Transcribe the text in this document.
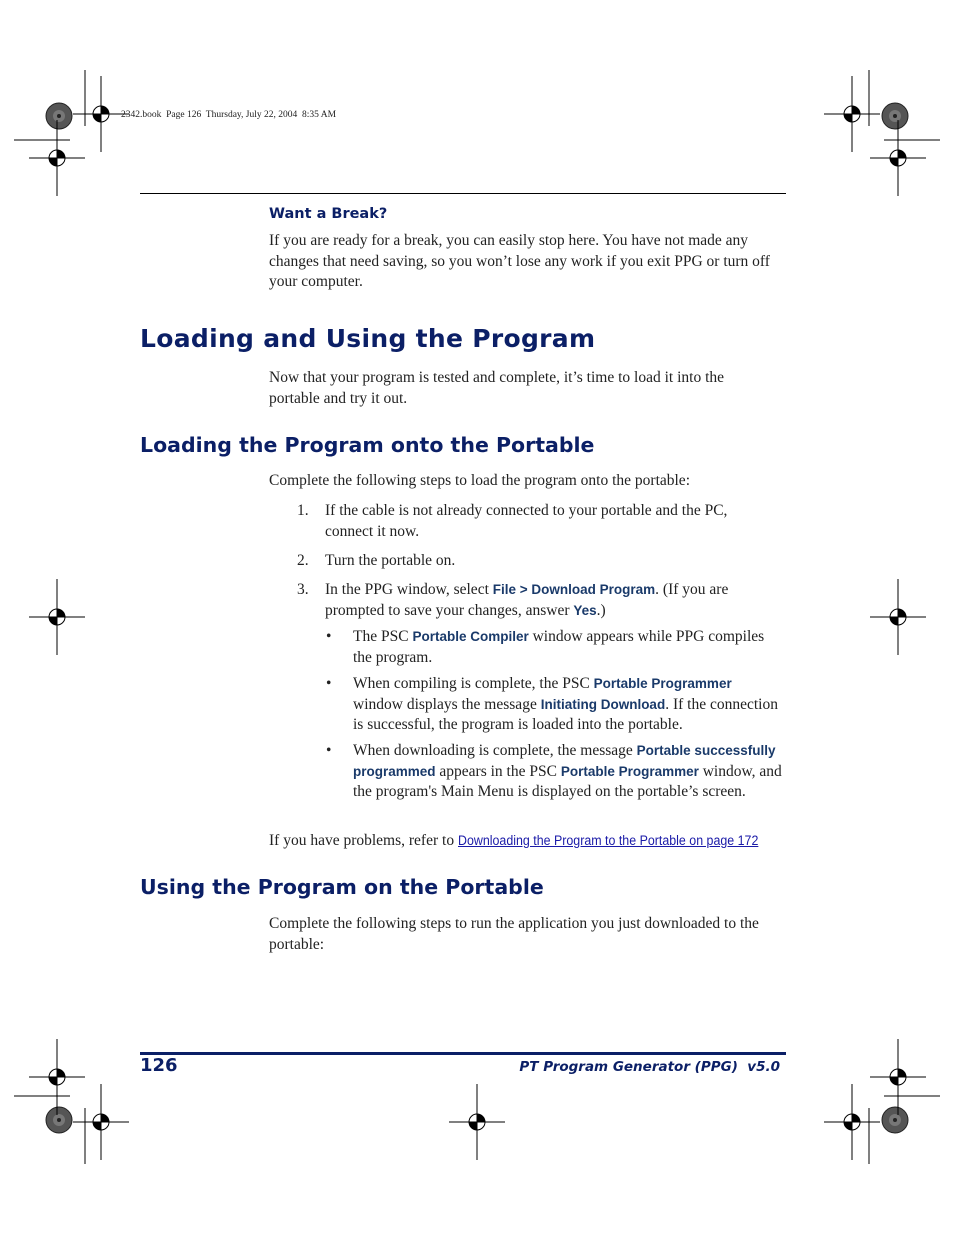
2342.book  Page 126  Thursday, July 22, 2004  8:35 AM
Want a Break?
If you are ready for a break, you can easily stop here. You have not made any changes that need saving, so you won’t lose any work if you exit PPG or turn off your computer.
Loading and Using the Program
Now that your program is tested and complete, it’s time to load it into the portable and try it out.
Loading the Program onto the Portable
Complete the following steps to load the program onto the portable:
1. If the cable is not already connected to your portable and the PC, connect it now.
2. Turn the portable on.
3. In the PPG window, select File > Download Program. (If you are prompted to save your changes, answer Yes.)
• The PSC Portable Compiler window appears while PPG compiles the program.
• When compiling is complete, the PSC Portable Programmer window displays the message Initiating Download. If the connection is successful, the program is loaded into the portable.
• When downloading is complete, the message Portable successfully programmed appears in the PSC Portable Programmer window, and the program's Main Menu is displayed on the portable’s screen.
If you have problems, refer to Downloading the Program to the Portable on page 172
Using the Program on the Portable
Complete the following steps to run the application you just downloaded to the portable:
126	PT Program Generator (PPG)  v5.0
